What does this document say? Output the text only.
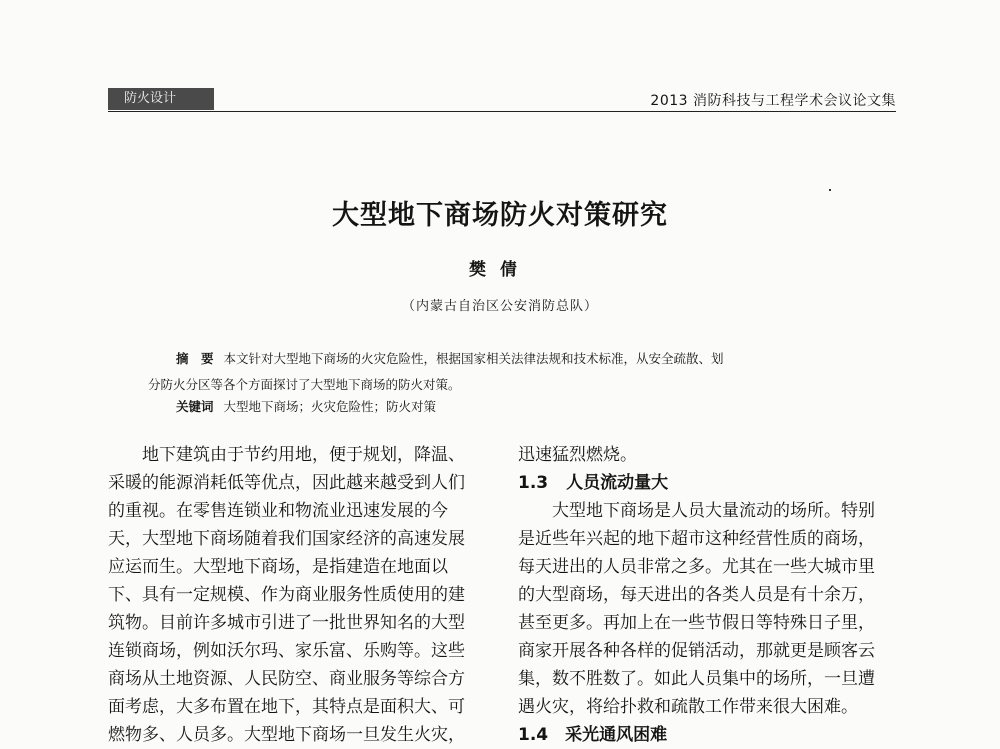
防火设计	2013 消防科技与工程学术会议论文集
大型地下商场防火对策研究
樊倩
（内蒙古自治区公安消防总队）
摘　要 本文针对大型地下商场的火灾危险性，根据国家相关法律法规和技术标准，从安全疏散、划
分防火分区等各个方面探讨了大型地下商场的防火对策。
关键词 大型地下商场；火灾危险性；防火对策

　　地下建筑由于节约用地，便于规划，降温、

采暖的能源消耗低等优点，因此越来越受到人们

的重视。在零售连锁业和物流业迅速发展的今

天，大型地下商场随着我们国家经济的高速发展

应运而生。大型地下商场，是指建造在地面以

下、具有一定规模、作为商业服务性质使用的建

筑物。目前许多城市引进了一批世界知名的大型

连锁商场，例如沃尔玛、家乐富、乐购等。这些

商场从土地资源、人民防空、商业服务等综合方

面考虑，大多布置在地下，其特点是面积大、可

燃物多、人员多。大型地下商场一旦发生火灾，

迅速猛烈燃烧。

1.3 人员流动量大

　　大型地下商场是人员大量流动的场所。特别

是近些年兴起的地下超市这种经营性质的商场，

每天进出的人员非常之多。尤其在一些大城市里

的大型商场，每天进出的各类人员是有十余万，

甚至更多。再加上在一些节假日等特殊日子里，

商家开展各种各样的促销活动，那就更是顾客云

集，数不胜数了。如此人员集中的场所，一旦遭

遇火灾，将给扑救和疏散工作带来很大困难。

1.4　采光通风困难
